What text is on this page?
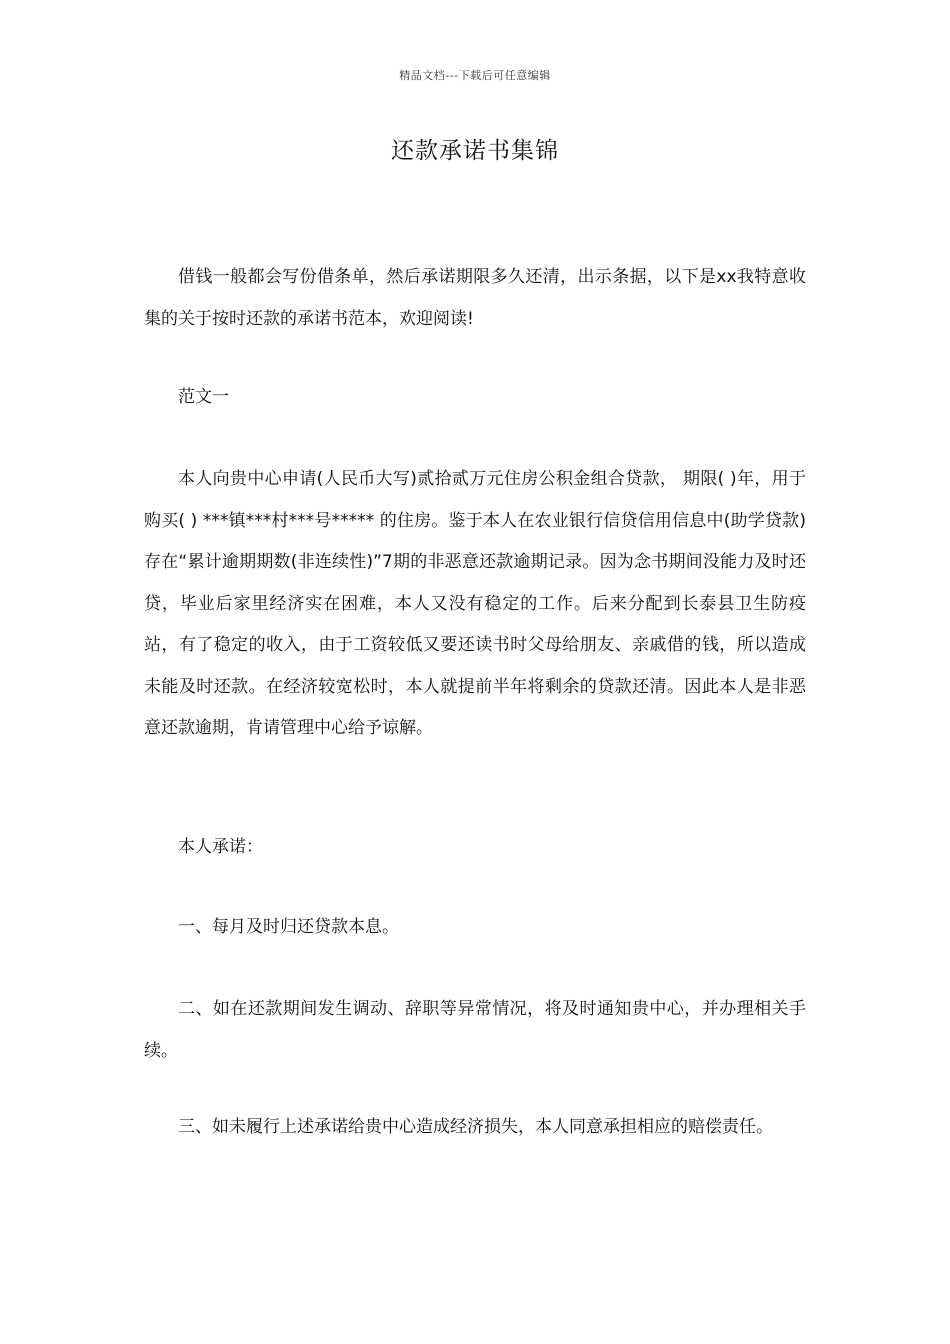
精品文档---下载后可任意编辑
还款承诺书集锦

借钱一般都会写份借条单，然后承诺期限多久还清，出示条据，以下是xx我特意收集的关于按时还款的承诺书范本，欢迎阅读!

范文一

本人向贵中心申请(人民币大写)贰拾贰万元住房公积金组合贷款， 期限( )年，用于购买( ) ***镇***村***号***** 的住房。鉴于本人在农业银行信贷信用信息中(助学贷款)存在“累计逾期期数(非连续性)”7期的非恶意还款逾期记录。因为念书期间没能力及时还贷，毕业后家里经济实在困难，本人又没有稳定的工作。后来分配到长泰县卫生防疫站，有了稳定的收入，由于工资较低又要还读书时父母给朋友、亲戚借的钱，所以造成未能及时还款。在经济较宽松时，本人就提前半年将剩余的贷款还清。因此本人是非恶意还款逾期，肯请管理中心给予谅解。

本人承诺：

一、每月及时归还贷款本息。

二、如在还款期间发生调动、辞职等异常情况，将及时通知贵中心，并办理相关手续。

三、如未履行上述承诺给贵中心造成经济损失，本人同意承担相应的赔偿责任。
